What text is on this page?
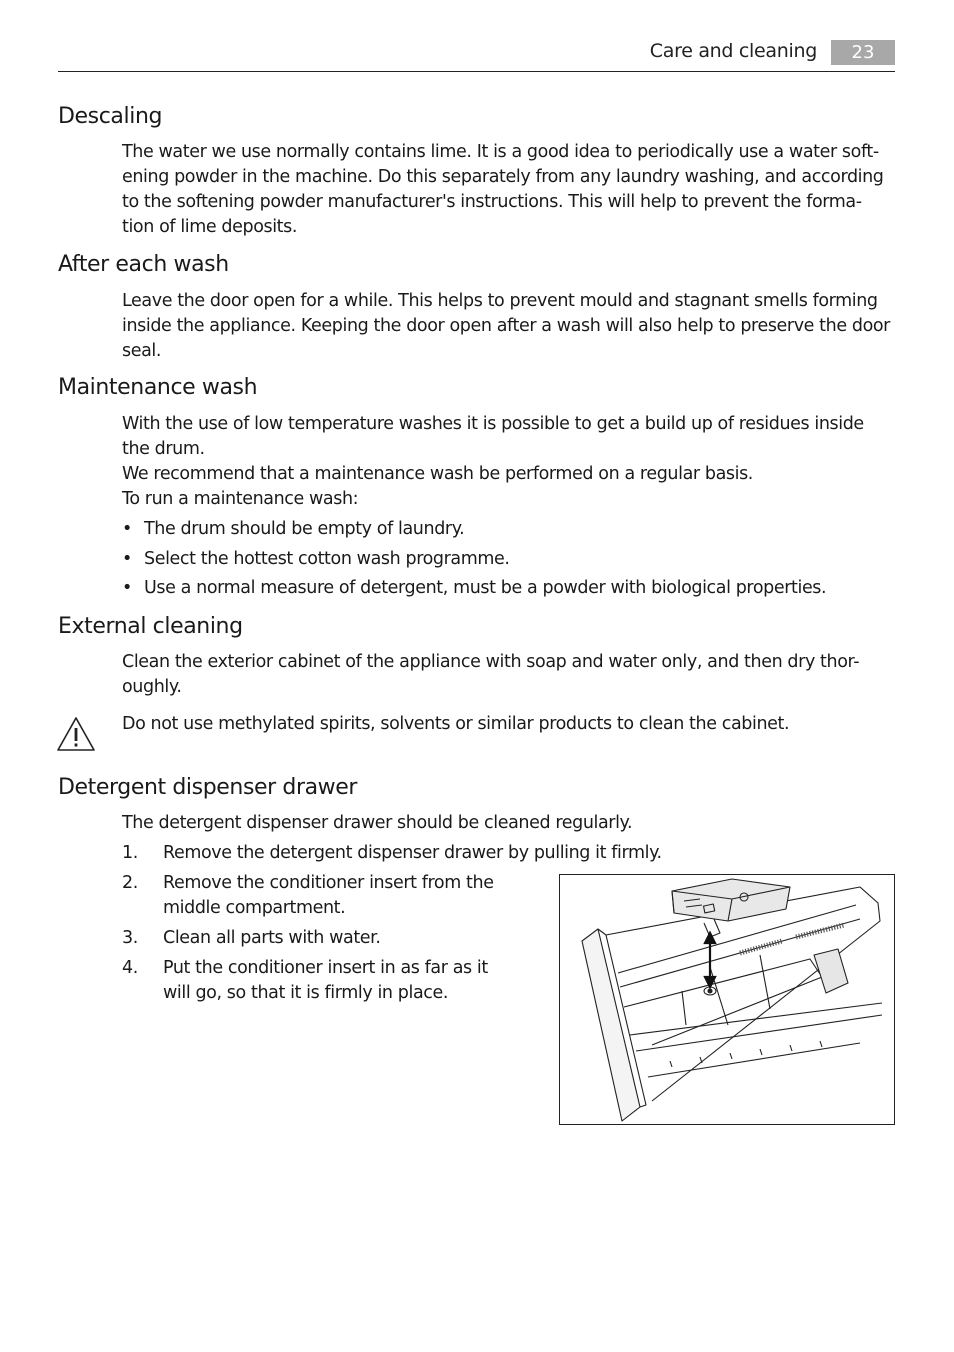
Care and cleaning	23
Descaling

The water we use normally contains lime. It is a good idea to periodically use a water soft-
ening powder in the machine. Do this separately from any laundry washing, and according
to the softening powder manufacturer's instructions. This will help to prevent the forma-
tion of lime deposits.

After each wash

Leave the door open for a while. This helps to prevent mould and stagnant smells forming
inside the appliance. Keeping the door open after a wash will also help to preserve the door
seal.

Maintenance wash

With the use of low temperature washes it is possible to get a build up of residues inside
the drum.
We recommend that a maintenance wash be performed on a regular basis.
To run a maintenance wash:

• The drum should be empty of laundry.
• Select the hottest cotton wash programme.
• Use a normal measure of detergent, must be a powder with biological properties.
External cleaning

Clean the exterior cabinet of the appliance with soap and water only, and then dry thor-
oughly.

Do not use methylated spirits, solvents or similar products to clean the cabinet.

Detergent dispenser drawer

The detergent dispenser drawer should be cleaned regularly.

1. Remove the detergent dispenser drawer by pulling it firmly.
2. Remove the conditioner insert from the
middle compartment.
3. Clean all parts with water.
4. Put the conditioner insert in as far as it
will go, so that it is firmly in place.
